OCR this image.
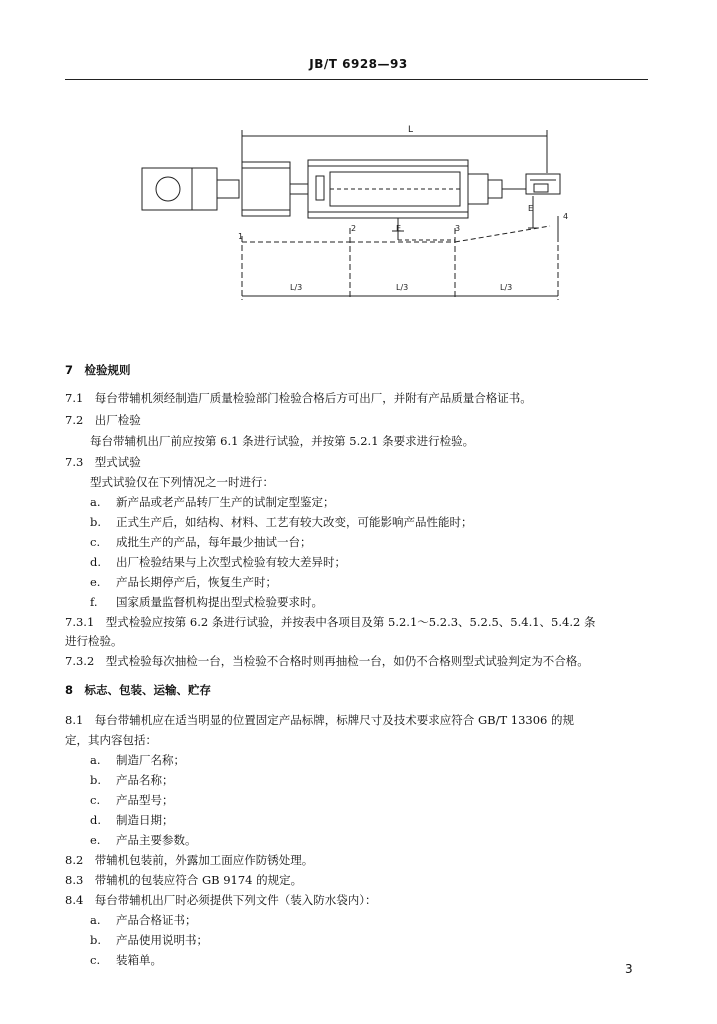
JB/T 6928—93
L
E
E
1
2	3
4
L/3	L/3	L/3
7　检验规则
7.1　每台带辅机须经制造厂质量检验部门检验合格后方可出厂，并附有产品质量合格证书。
7.2　出厂检验
每台带辅机出厂前应按第 6.1 条进行试验，并按第 5.2.1 条要求进行检验。
7.3　型式试验
型式试验仅在下列情况之一时进行：
a. 新产品或老产品转厂生产的试制定型鉴定；
b. 正式生产后，如结构、材料、工艺有较大改变，可能影响产品性能时；
c. 成批生产的产品，每年最少抽试一台；
d. 出厂检验结果与上次型式检验有较大差异时；
e. 产品长期停产后，恢复生产时；
f. 国家质量监督机构提出型式检验要求时。
7.3.1　型式检验应按第 6.2 条进行试验，并按表中各项目及第 5.2.1～5.2.3、5.2.5、5.4.1、5.4.2 条
进行检验。
7.3.2　型式检验每次抽检一台，当检验不合格时则再抽检一台，如仍不合格则型式试验判定为不合格。
8　标志、包装、运输、贮存
8.1　每台带辅机应在适当明显的位置固定产品标牌，标牌尺寸及技术要求应符合 GB/T 13306 的规
定，其内容包括：
a. 制造厂名称；
b. 产品名称；
c. 产品型号；
d. 制造日期；
e. 产品主要参数。
8.2　带辅机包装前，外露加工面应作防锈处理。
8.3　带辅机的包装应符合 GB 9174 的规定。
8.4　每台带辅机出厂时必须提供下列文件（装入防水袋内）：
a. 产品合格证书；
b. 产品使用说明书；
c. 装箱单。
3
